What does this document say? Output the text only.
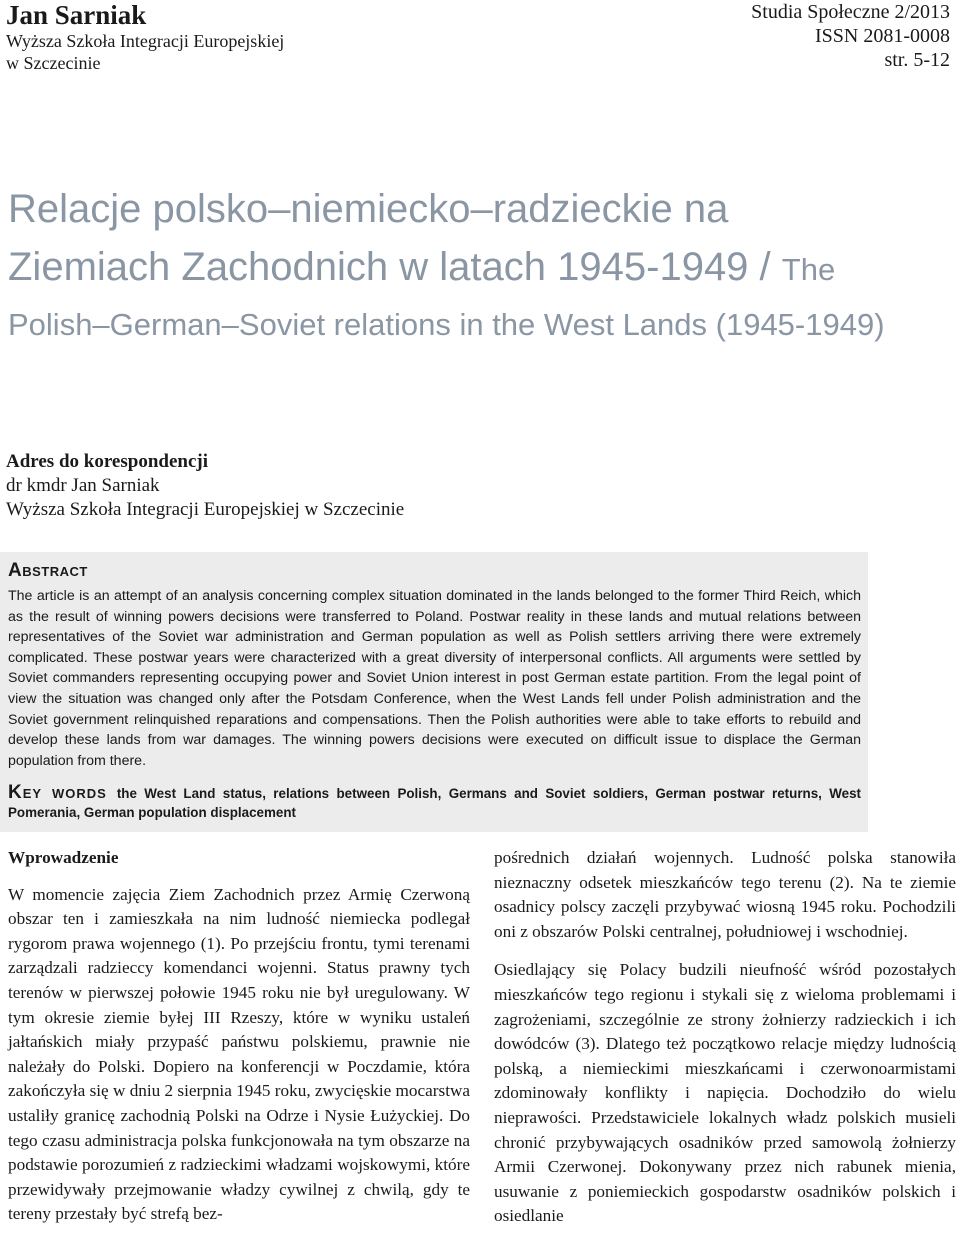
Jan Sarniak
Wyższa Szkoła Integracji Europejskiej
w Szczecinie
Studia Społeczne 2/2013
ISSN 2081-0008
str. 5-12
Relacje polsko–niemiecko–radzieckie na
Ziemiach Zachodnich w latach 1945-1949 / The
Polish–German–Soviet relations in the West Lands (1945-1949)
Adres do korespondencji
dr kmdr Jan Sarniak
Wyższa Szkoła Integracji Europejskiej w Szczecinie
Abstract
The article is an attempt of an analysis concerning complex situation dominated in the lands belonged to the former Third Reich, which as the result of winning powers decisions were transferred to Poland. Postwar reality in these lands and mutual relations between representatives of the Soviet war administration and German population as well as Polish settlers arriving there were extremely complicated. These postwar years were characterized with a great diversity of interpersonal conflicts. All arguments were settled by Soviet commanders representing occupying power and Soviet Union interest in post German estate partition. From the legal point of view the situation was changed only after the Potsdam Conference, when the West Lands fell under Polish administration and the Soviet government relinquished reparations and compensations. Then the Polish authorities were able to take efforts to rebuild and develop these lands from war damages. The winning powers decisions were executed on difficult issue to displace the German population from there.
Key words the West Land status, relations between Polish, Germans and Soviet soldiers, German postwar returns, West Pomerania, German population displacement
Wprowadzenie

W momencie zajęcia Ziem Zachodnich przez Armię Czerwoną obszar ten i zamieszkała na nim ludność niemiecka podlegał rygorom prawa wojennego (1). Po przejściu frontu, tymi terenami zarządzali radzieccy komendanci wojenni. Status prawny tych terenów w pierwszej połowie 1945 roku nie był uregulowany. W tym okresie ziemie byłej III Rzeszy, które w wyniku ustaleń jałtańskich miały przypaść państwu polskiemu, prawnie nie należały do Polski. Dopiero na konferencji w Poczdamie, która zakończyła się w dniu 2 sierpnia 1945 roku, zwycięskie mocarstwa ustaliły granicę zachodnią Polski na Odrze i Nysie Łużyckiej. Do tego czasu administracja polska funkcjonowała na tym obszarze na podstawie porozumień z radzieckimi władzami wojskowymi, które przewidywały przejmowanie władzy cywilnej z chwilą, gdy te tereny przestały być strefą bez-

pośrednich działań wojennych. Ludność polska stanowiła nieznaczny odsetek mieszkańców tego terenu (2). Na te ziemie osadnicy polscy zaczęli przybywać wiosną 1945 roku. Pochodzili oni z obszarów Polski centralnej, południowej i wschodniej.

Osiedlający się Polacy budzili nieufność wśród pozostałych mieszkańców tego regionu i stykali się z wieloma problemami i zagrożeniami, szczególnie ze strony żołnierzy radzieckich i ich dowódców (3). Dlatego też początkowo relacje między ludnością polską, a niemieckimi mieszkańcami i czerwonoarmistami zdominowały konflikty i napięcia. Dochodziło do wielu nieprawości. Przedstawiciele lokalnych władz polskich musieli chronić przybywających osadników przed samowolą żołnierzy Armii Czerwonej. Dokonywany przez nich rabunek mienia, usuwanie z poniemieckich gospodarstw osadników polskich i osiedlanie
